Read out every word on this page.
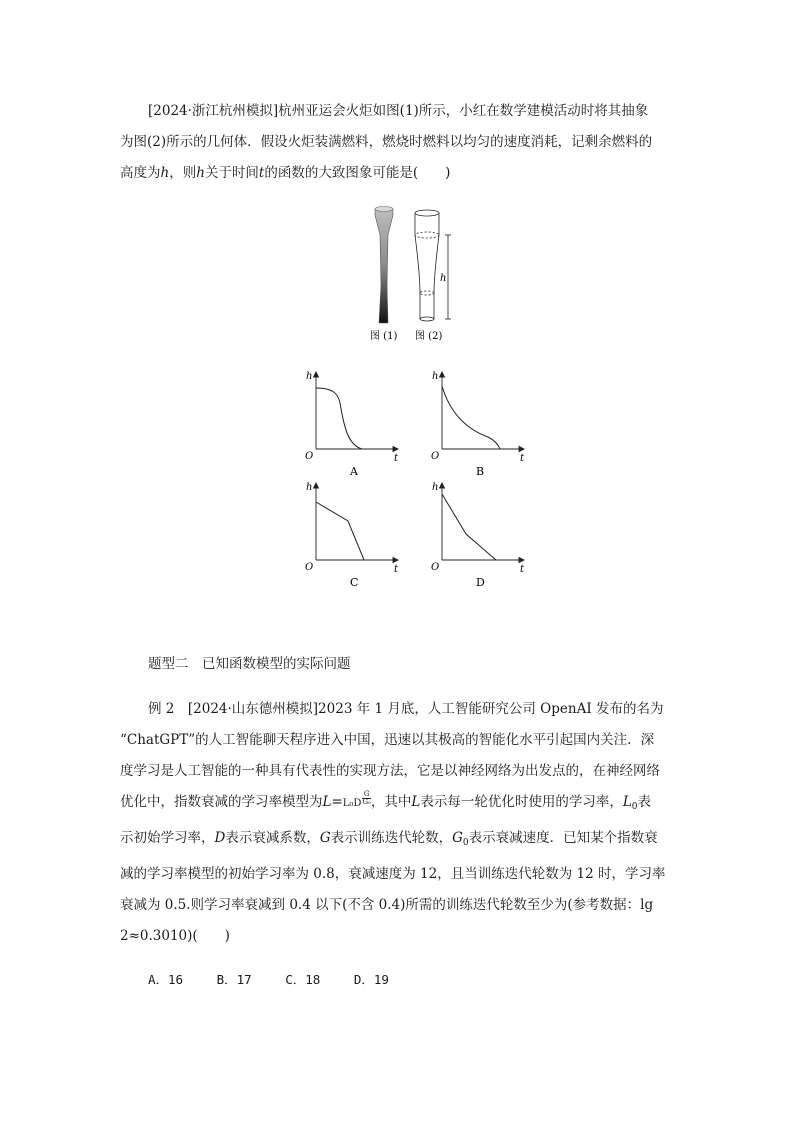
[2024·浙江杭州模拟]杭州亚运会火炬如图(1)所示，小红在数学建模活动时将其抽象
为图(2)所示的几何体．假设火炬装满燃料，燃烧时燃料以均匀的速度消耗，记剩余燃料的
高度为h，则h关于时间t的函数的大致图象可能是(　　)
h
图 (1) 图 (2)
h
t
O
A
h
t
O
B
h
t
O
C
h
t
O
D
题型二　已知函数模型的实际问题
例 2　[2024·山东德州模拟]2023 年 1 月底，人工智能研究公司 OpenAI 发布的名为
“ChatGPT”的人工智能聊天程序进入中国，迅速以其极高的智能化水平引起国内关注．深
度学习是人工智能的一种具有代表性的实现方法，它是以神经网络为出发点的，在神经网络
优化中，指数衰减的学习率模型为$L=L_0D \frac{G}{\text{G₀}}$ ，其中L表示每一轮优化时使用的学习率，$L_0$表
示初始学习率，D表示衰减系数，G表示训练迭代轮数，$G_0$表示衰减速度．已知某个指数衰
减的学习率模型的初始学习率为 0.8，衰减速度为 12，且当训练迭代轮数为 12 时，学习率
衰减为 0.5.则学习率衰减到 0.4 以下(不含 0.4)所需的训练迭代轮数至少为(参考数据：lg
2≈0.3010)(　　)
A．16	B．17	C．18	D．19
